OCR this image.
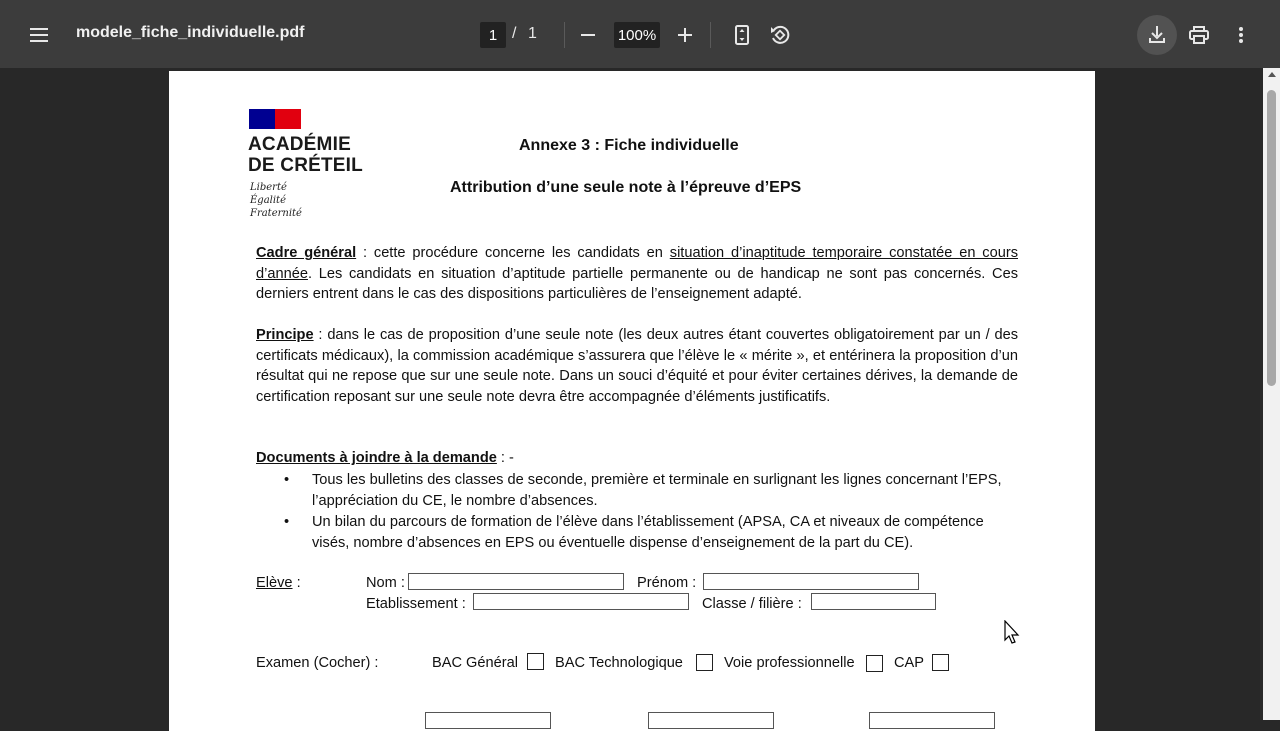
modele_fiche_individuelle.pdf	1 / 1	100%
ACADÉMIE
DE CRÉTEIL
Liberté
Égalité
Fraternité
Annexe 3 : Fiche individuelle
Attribution d’une seule note à l’épreuve d’EPS
Cadre général : cette procédure concerne les candidats en situation d’inaptitude temporaire constatée en cours d’année. Les candidats en situation d’aptitude partielle permanente ou de handicap ne sont pas concernés. Ces derniers entrent dans le cas des dispositions particulières de l’enseignement adapté.
Principe : dans le cas de proposition d’une seule note (les deux autres étant couvertes obligatoirement par un / des certificats médicaux), la commission académique s’assurera que l’élève le « mérite », et entérinera la proposition d’un résultat qui ne repose que sur une seule note. Dans un souci d’équité et pour éviter certaines dérives, la demande de certification reposant sur une seule note devra être accompagnée d’éléments justificatifs.
Documents à joindre à la demande : -
• Tous les bulletins des classes de seconde, première et terminale en surlignant les lignes concernant l’EPS, l’appréciation du CE, le nombre d’absences.
• Un bilan du parcours de formation de l’élève dans l’établissement (APSA, CA et niveaux de compétence visés, nombre d’absences en EPS ou éventuelle dispense d’enseignement de la part du CE).
Elève :	Nom :	Prénom :
Etablissement :	Classe / filière :
Examen (Cocher) :	BAC Général	BAC Technologique	Voie professionnelle	CAP
